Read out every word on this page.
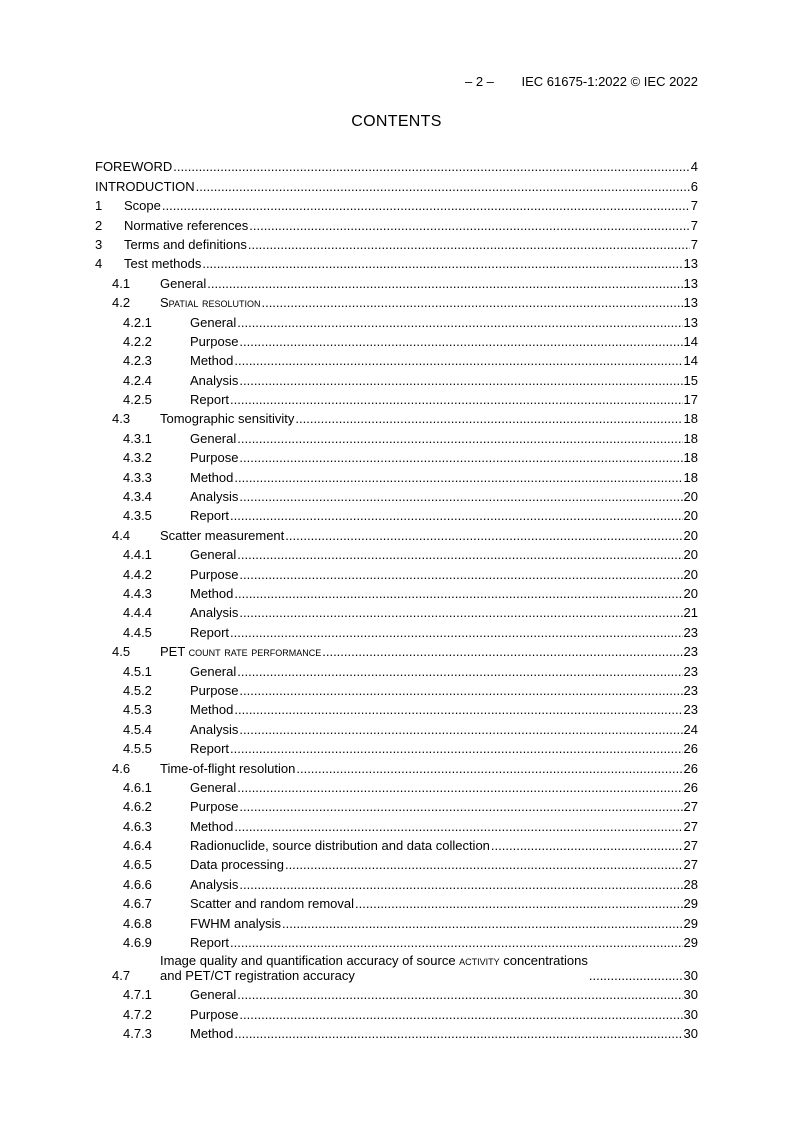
– 2 – IEC 61675-1:2022 © IEC 2022
CONTENTS
FOREWORD .....	4
INTRODUCTION .....	6
1 Scope .....	7
2 Normative references .....	7
3 Terms and definitions .....	7
4 Test methods .....	13
4.1 General .....	13
4.2 Spatial resolution .....	13
4.2.1	General .....	13
4.2.2	Purpose .....	14
4.2.3	Method .....	14
4.2.4	Analysis .....	15
4.2.5	Report .....	17
4.3 Tomographic sensitivity .....	18
4.3.1	General .....	18
4.3.2	Purpose .....	18
4.3.3	Method .....	18
4.3.4	Analysis .....	20
4.3.5	Report .....	20
4.4 Scatter measurement .....	20
4.4.1	General .....	20
4.4.2	Purpose .....	20
4.4.3	Method .....	20
4.4.4	Analysis .....	21
4.4.5	Report .....	23
4.5 PET count rate performance .....	23
4.5.1	General .....	23
4.5.2	Purpose .....	23
4.5.3	Method .....	23
4.5.4	Analysis .....	24
4.5.5	Report .....	26
4.6 Time-of-flight resolution .....	26
4.6.1	General .....	26
4.6.2	Purpose .....	27
4.6.3	Method .....	27
4.6.4	Radionuclide, source distribution and data collection .....	27
4.6.5	Data processing .....	27
4.6.6	Analysis .....	28
4.6.7	Scatter and random removal .....	29
4.6.8	FWHM analysis .....	29
4.6.9	Report .....	29
4.7
Image quality and quantification accuracy of source activity concentrations
and PET/CT registration accuracy .....	30
4.7.1	General .....	30
4.7.2	Purpose .....	30
4.7.3	Method .....	30
